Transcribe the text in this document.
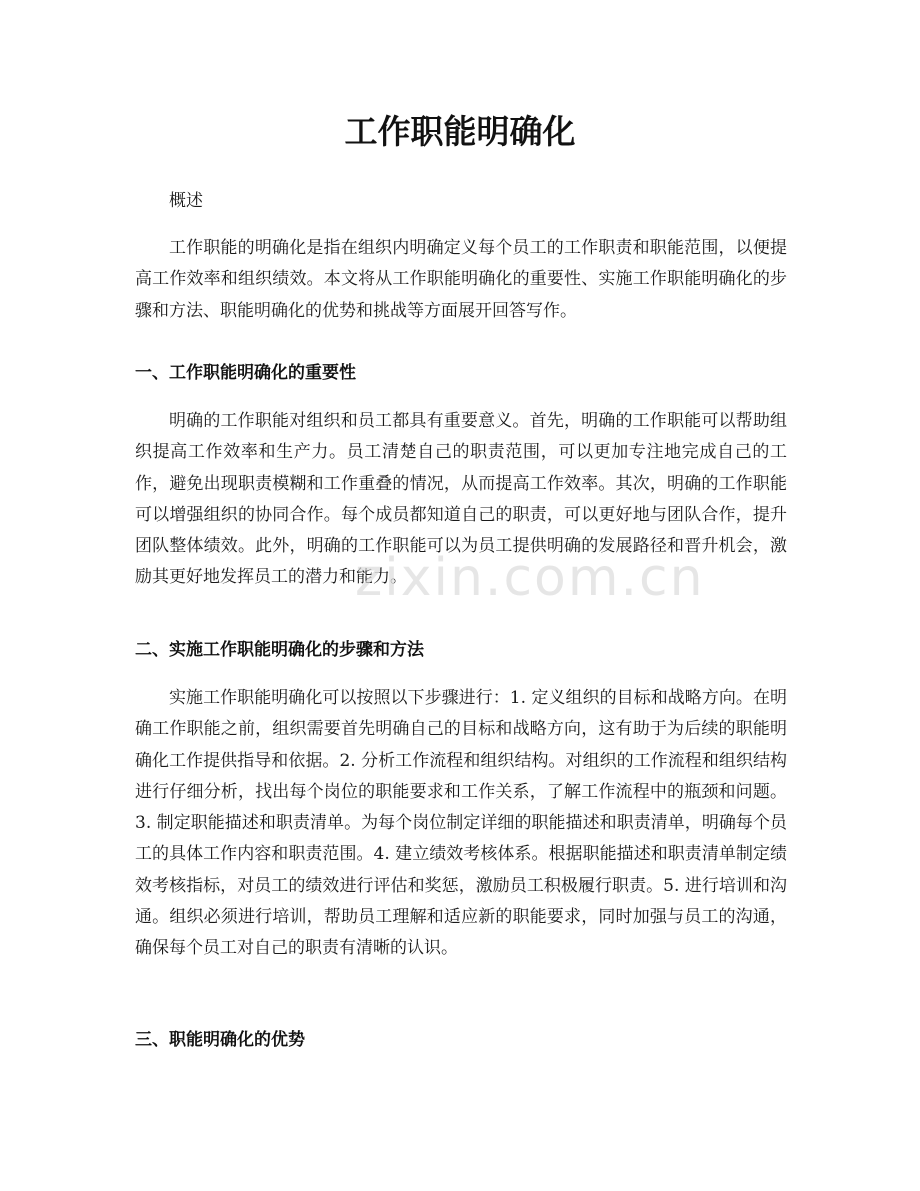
工作职能明确化

概述

工作职能的明确化是指在组织内明确定义每个员工的工作职责和职能范围，以便提高工作效率和组织绩效。本文将从工作职能明确化的重要性、实施工作职能明确化的步骤和方法、职能明确化的优势和挑战等方面展开回答写作。

一、工作职能明确化的重要性

明确的工作职能对组织和员工都具有重要意义。首先，明确的工作职能可以帮助组织提高工作效率和生产力。员工清楚自己的职责范围，可以更加专注地完成自己的工作，避免出现职责模糊和工作重叠的情况，从而提高工作效率。其次，明确的工作职能可以增强组织的协同合作。每个成员都知道自己的职责，可以更好地与团队合作，提升团队整体绩效。此外，明确的工作职能可以为员工提供明确的发展路径和晋升机会，激励其更好地发挥员工的潜力和能力。

zixin.com.cn
二、实施工作职能明确化的步骤和方法

实施工作职能明确化可以按照以下步骤进行：1. 定义组织的目标和战略方向。在明确工作职能之前，组织需要首先明确自己的目标和战略方向，这有助于为后续的职能明确化工作提供指导和依据。2. 分析工作流程和组织结构。对组织的工作流程和组织结构进行仔细分析，找出每个岗位的职能要求和工作关系，了解工作流程中的瓶颈和问题。3. 制定职能描述和职责清单。为每个岗位制定详细的职能描述和职责清单，明确每个员工的具体工作内容和职责范围。4. 建立绩效考核体系。根据职能描述和职责清单制定绩效考核指标，对员工的绩效进行评估和奖惩，激励员工积极履行职责。5. 进行培训和沟通。组织必须进行培训，帮助员工理解和适应新的职能要求，同时加强与员工的沟通，确保每个员工对自己的职责有清晰的认识。

三、职能明确化的优势
